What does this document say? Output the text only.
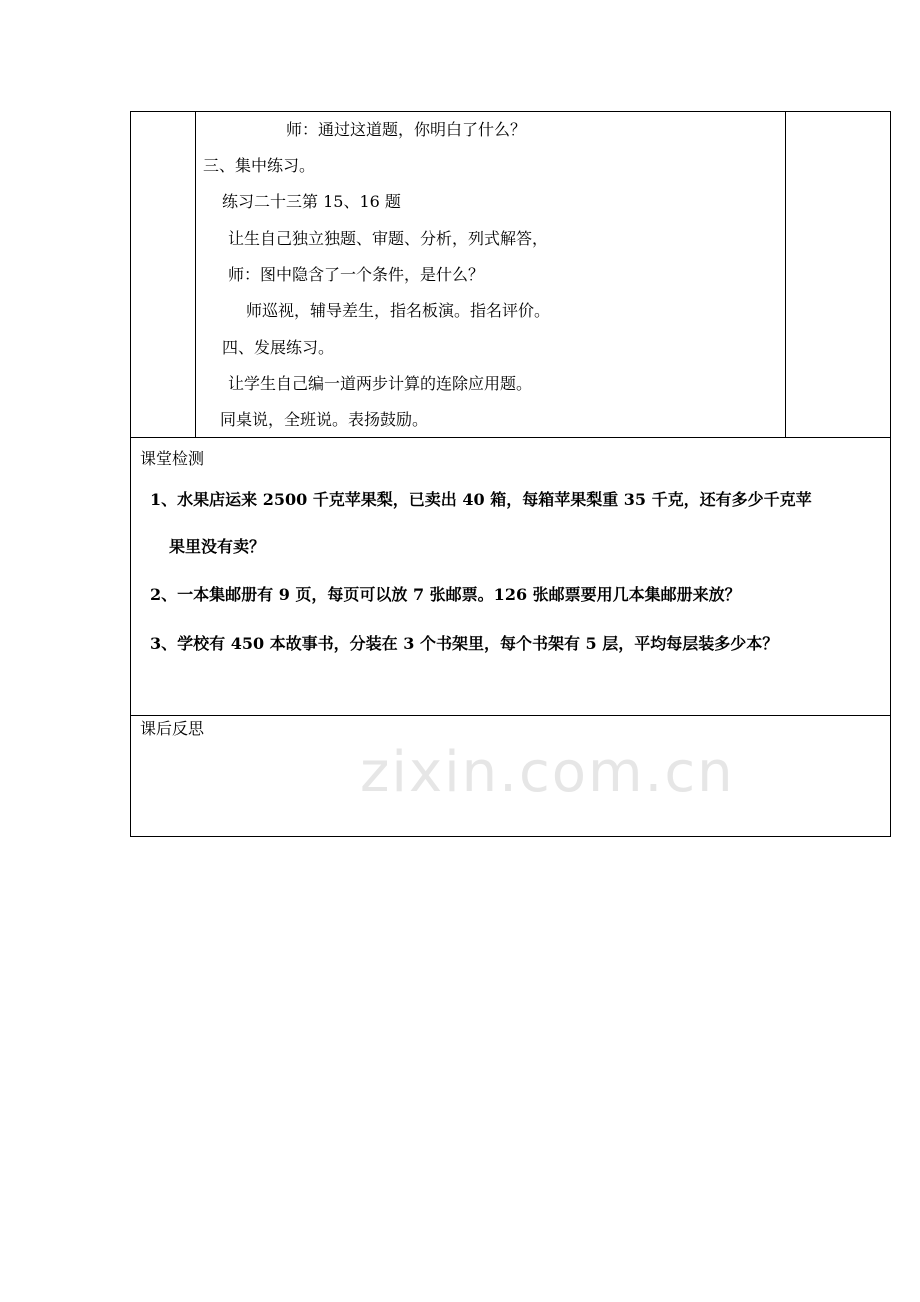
师：通过这道题，你明白了什么？
三、集中练习。
练习二十三第 15、16 题
让生自己独立独题、审题、分析，列式解答，
师：图中隐含了一个条件，是什么？
师巡视，辅导差生，指名板演。指名评价。
四、发展练习。
让学生自己编一道两步计算的连除应用题。
同桌说，全班说。表扬鼓励。
课堂检测
1、水果店运来 2500 千克苹果梨，已卖出 40 箱，每箱苹果梨重 35 千克，还有多少千克苹
果里没有卖？
2、一本集邮册有 9 页，每页可以放 7 张邮票。126 张邮票要用几本集邮册来放？
3、学校有 450 本故事书，分装在 3 个书架里，每个书架有 5 层，平均每层装多少本？
课后反思
zixin.com.cn
